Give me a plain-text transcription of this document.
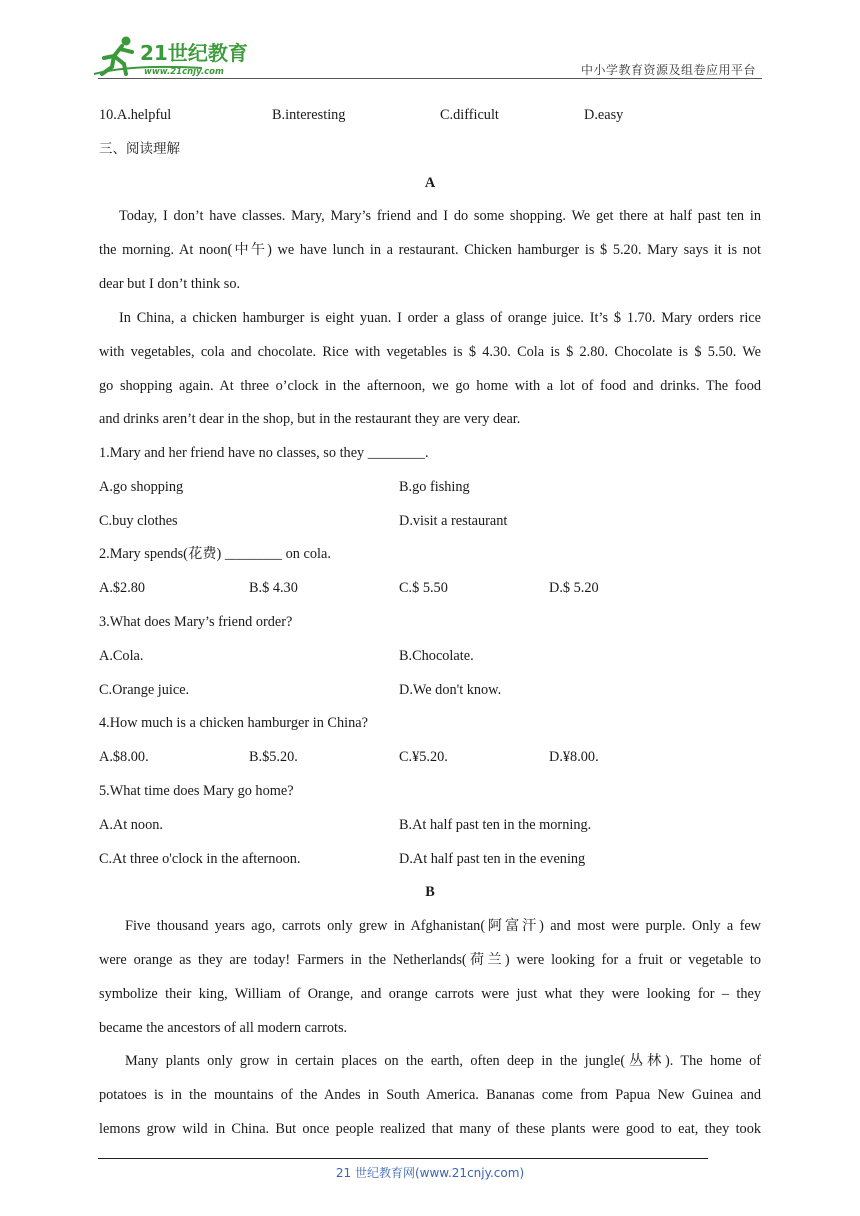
21世纪教育
www.21cnjy.com	中小学教育资源及组卷应用平台
10.A.helpful	B.interesting	C.difficult	D.easy
三、阅读理解
A
Today, I don’t have classes. Mary, Mary’s friend and I do some shopping. We get there at half past ten in
the morning. At noon(中午) we have lunch in a restaurant. Chicken hamburger is $ 5.20. Mary says it is not
dear but I don’t think so.
In China, a chicken hamburger is eight yuan. I order a glass of orange juice. It’s $ 1.70. Mary orders rice
with vegetables, cola and chocolate. Rice with vegetables is $ 4.30. Cola is $ 2.80. Chocolate is $ 5.50. We
go shopping again. At three o’clock in the afternoon, we go home with a lot of food and drinks. The food
and drinks aren’t dear in the shop, but in the restaurant they are very dear.
1.Mary and her friend have no classes, so they ________.
A.go shopping	B.go fishing
C.buy clothes	D.visit a restaurant
2.Mary spends(花费) ________ on cola.
A.$2.80	B.$ 4.30	C.$ 5.50	D.$ 5.20
3.What does Mary’s friend order?
A.Cola.	B.Chocolate.
C.Orange juice.	D.We don't know.
4.How much is a chicken hamburger in China?
A.$8.00.	B.$5.20.	C.¥5.20.	D.¥8.00.
5.What time does Mary go home?
A.At noon.	B.At half past ten in the morning.
C.At three o'clock in the afternoon.	D.At half past ten in the evening
B
Five thousand years ago, carrots only grew in Afghanistan(阿富汗) and most were purple. Only a few
were orange as they are today! Farmers in the Netherlands(荷兰) were looking for a fruit or vegetable to
symbolize their king, William of Orange, and orange carrots were just what they were looking for – they
became the ancestors of all modern carrots.
Many plants only grow in certain places on the earth, often deep in the jungle(丛林). The home of
potatoes is in the mountains of the Andes in South America. Bananas come from Papua New Guinea and
lemons grow wild in China. But once people realized that many of these plants were good to eat, they took
21 世纪教育网(www.21cnjy.com)
